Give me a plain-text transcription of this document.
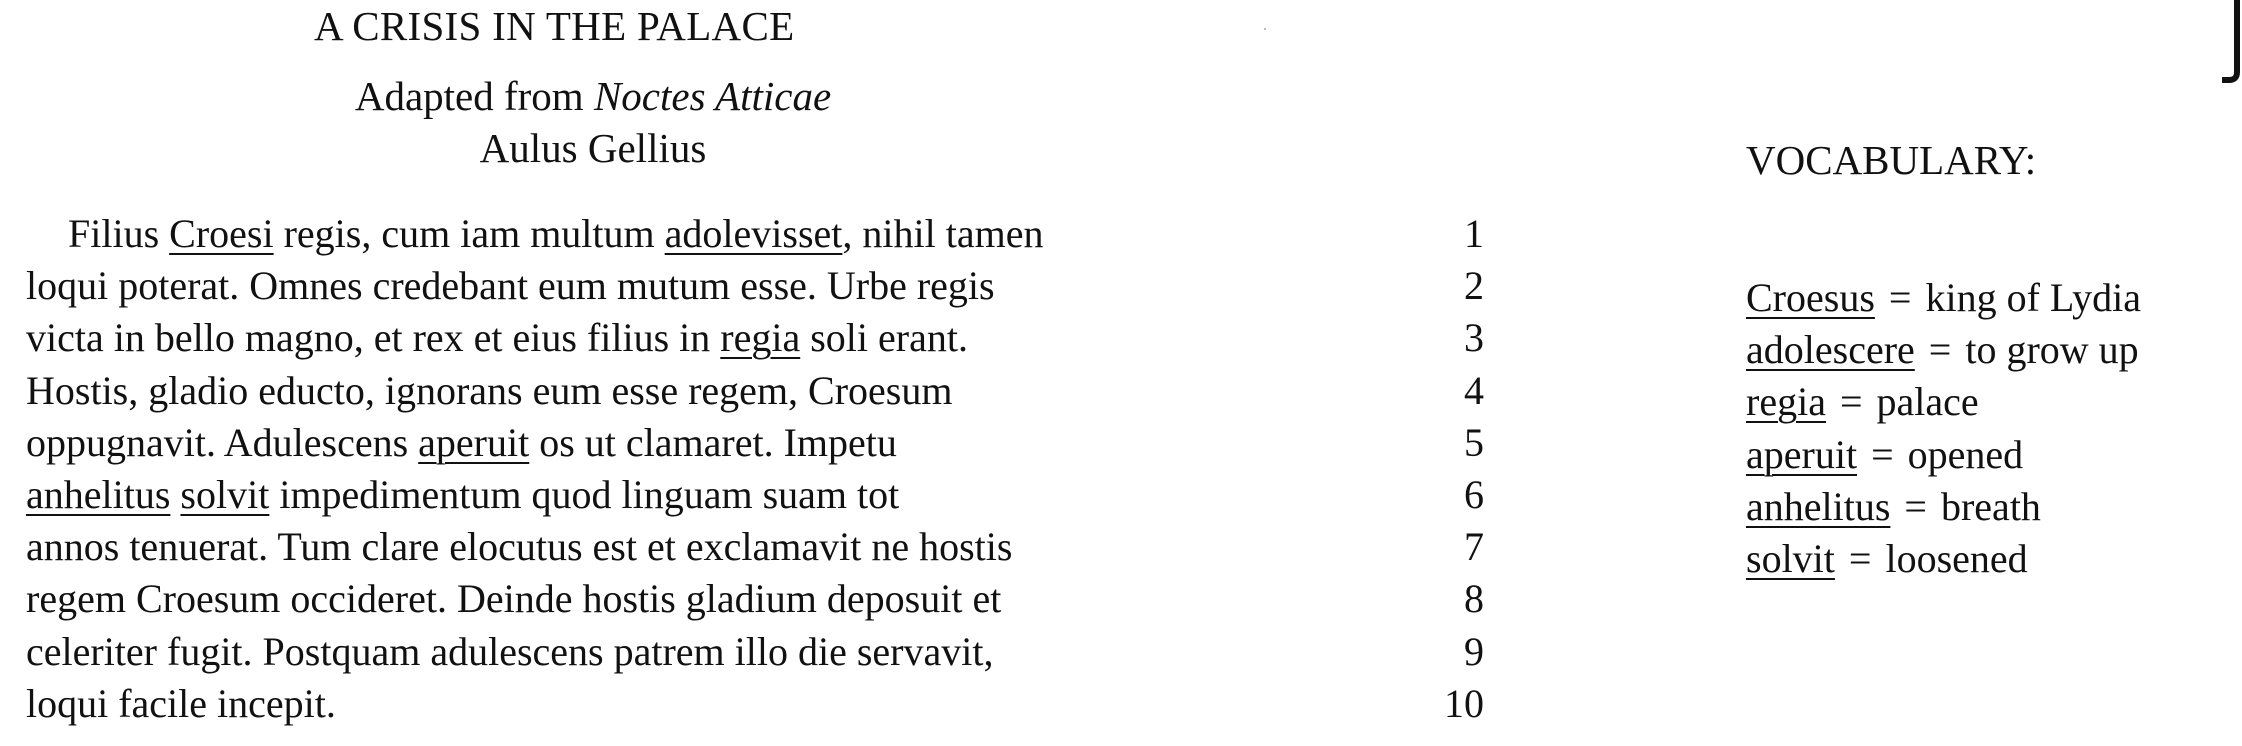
A CRISIS IN THE PALACE
Adapted from Noctes Atticae
Aulus Gellius
Filius Croesi regis, cum iam multum adolevisset, nihil tamen	1
loqui poterat. Omnes credebant eum mutum esse. Urbe regis	2
victa in bello magno, et rex et eius filius in regia soli erant.	3
Hostis, gladio educto, ignorans eum esse regem, Croesum	4
oppugnavit. Adulescens aperuit os ut clamaret. Impetu	5
anhelitus solvit impedimentum quod linguam suam tot	6
annos tenuerat. Tum clare elocutus est et exclamavit ne hostis	7
regem Croesum occideret. Deinde hostis gladium deposuit et	8
celeriter fugit. Postquam adulescens patrem illo die servavit,	9
loqui facile incepit.	10
VOCABULARY:
Croesus = king of Lydia
adolescere = to grow up
regia = palace
aperuit = opened
anhelitus = breath
solvit = loosened
